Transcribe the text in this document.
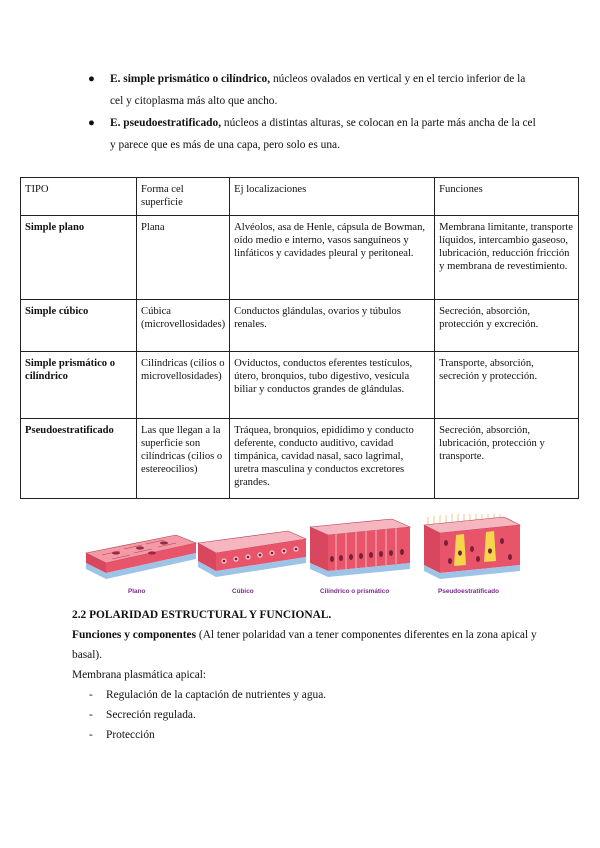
● E. simple prismático o cilíndrico, núcleos ovalados en vertical y en el tercio inferior de la cel y citoplasma más alto que ancho.
● E. pseudoestratificado, núcleos a distintas alturas, se colocan en la parte más ancha de la cel y parece que es más de una capa, pero solo es una.
TIPO	Forma cel superficie	Ej localizaciones	Funciones
Simple plano	Plana	Alvéolos, asa de Henle, cápsula de Bowman, oído medio e interno, vasos sanguíneos y linfáticos y cavidades pleural y peritoneal.	Membrana limitante, transporte líquidos, intercambio gaseoso, lubricación, reducción fricción y membrana de revestimiento.
Simple cúbico	Cúbica (microvellosidades)	Conductos glándulas, ovarios y túbulos renales.	Secreción, absorción, protección y excreción.
Simple prismático o cilíndrico	Cilíndricas (cilios o microvellosidades)	Oviductos, conductos eferentes testículos, útero, bronquios, tubo digestivo, vesícula biliar y conductos grandes de glándulas.	Transporte, absorción, secreción y protección.
Pseudoestratificado	Las que llegan a la superficie son cilíndricas (cilios o estereocilios)	Tráquea, bronquios, epidídimo y conducto deferente, conducto auditivo, cavidad timpánica, cavidad nasal, saco lagrimal, uretra masculina y conductos excretores grandes.	Secreción, absorción, lubricación, protección y transporte.
Plano	Cúbico	Cilíndrico o prismático	Pseudoestratificado
2.2 POLARIDAD ESTRUCTURAL Y FUNCIONAL.
Funciones y componentes (Al tener polaridad van a tener componentes diferentes en la zona apical y basal).
Membrana plasmática apical:
- Regulación de la captación de nutrientes y agua.
- Secreción regulada.
- Protección
